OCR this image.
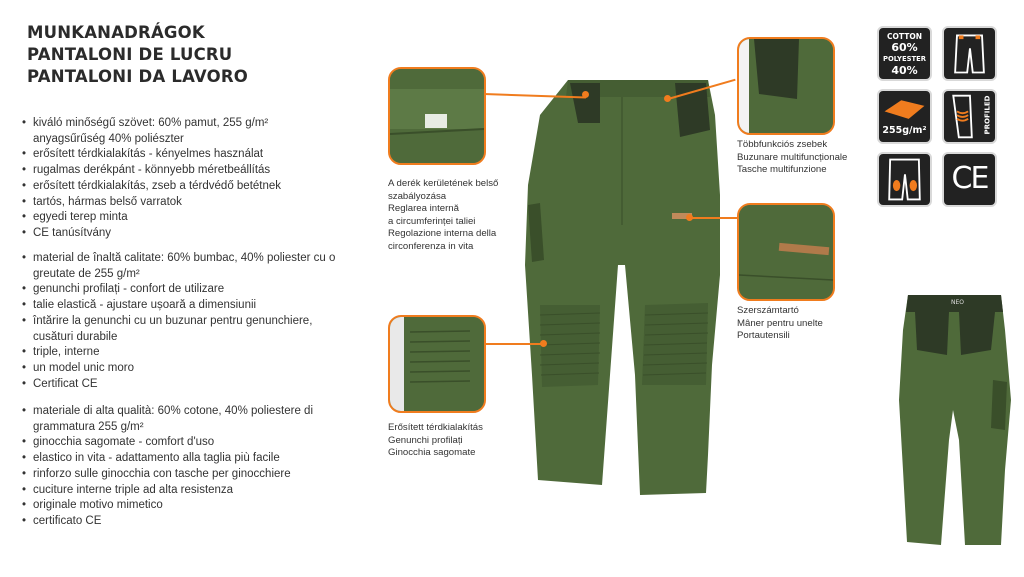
MUNKANADRÁGOK
PANTALONI DE LUCRU
PANTALONI DA LAVORO
• kiváló minőségű szövet: 60% pamut, 255 g/m² anyagsűrűség 40% poliészter
• erősített térdkialakítás - kényelmes használat
• rugalmas derékpánt - könnyebb méretbeállítás
• erősített térdkialakítás, zseb a térdvédő betétnek
• tartós, hármas belső varratok
• egyedi terep minta
• CE tanúsítvány
• material de înaltă calitate: 60% bumbac, 40% poliester cu o greutate de 255 g/m²
• genunchi profilați - confort de utilizare
• talie elastică - ajustare ușoară a dimensiunii
• întărire la genunchi cu un buzunar pentru genunchiere, cusături durabile
• triple, interne
• un model unic moro
• Certificat CE
• materiale di alta qualità: 60% cotone, 40% poliestere di grammatura 255 g/m²
• ginocchia sagomate - comfort d'uso
• elastico in vita - adattamento alla taglia più facile
• rinforzo sulle ginocchia con tasche per ginocchiere
• cuciture interne triple ad alta resistenza
• originale motivo mimetico
• certificato CE
NEO
A derék kerületének belső
szabályozása
Reglarea internă
a circumferinței taliei
Regolazione interna della
circonferenza in vita
Erősített térdkialakítás
Genunchi profilați
Ginocchia sagomate
Többfunkciós zsebek
Buzunare multifuncționale
Tasche multifunzione
Szerszámtartó
Mâner pentru unelte
Portautensili
COTTON
60%
POLYESTER
40%
255g/m²	PROFILED
CE
